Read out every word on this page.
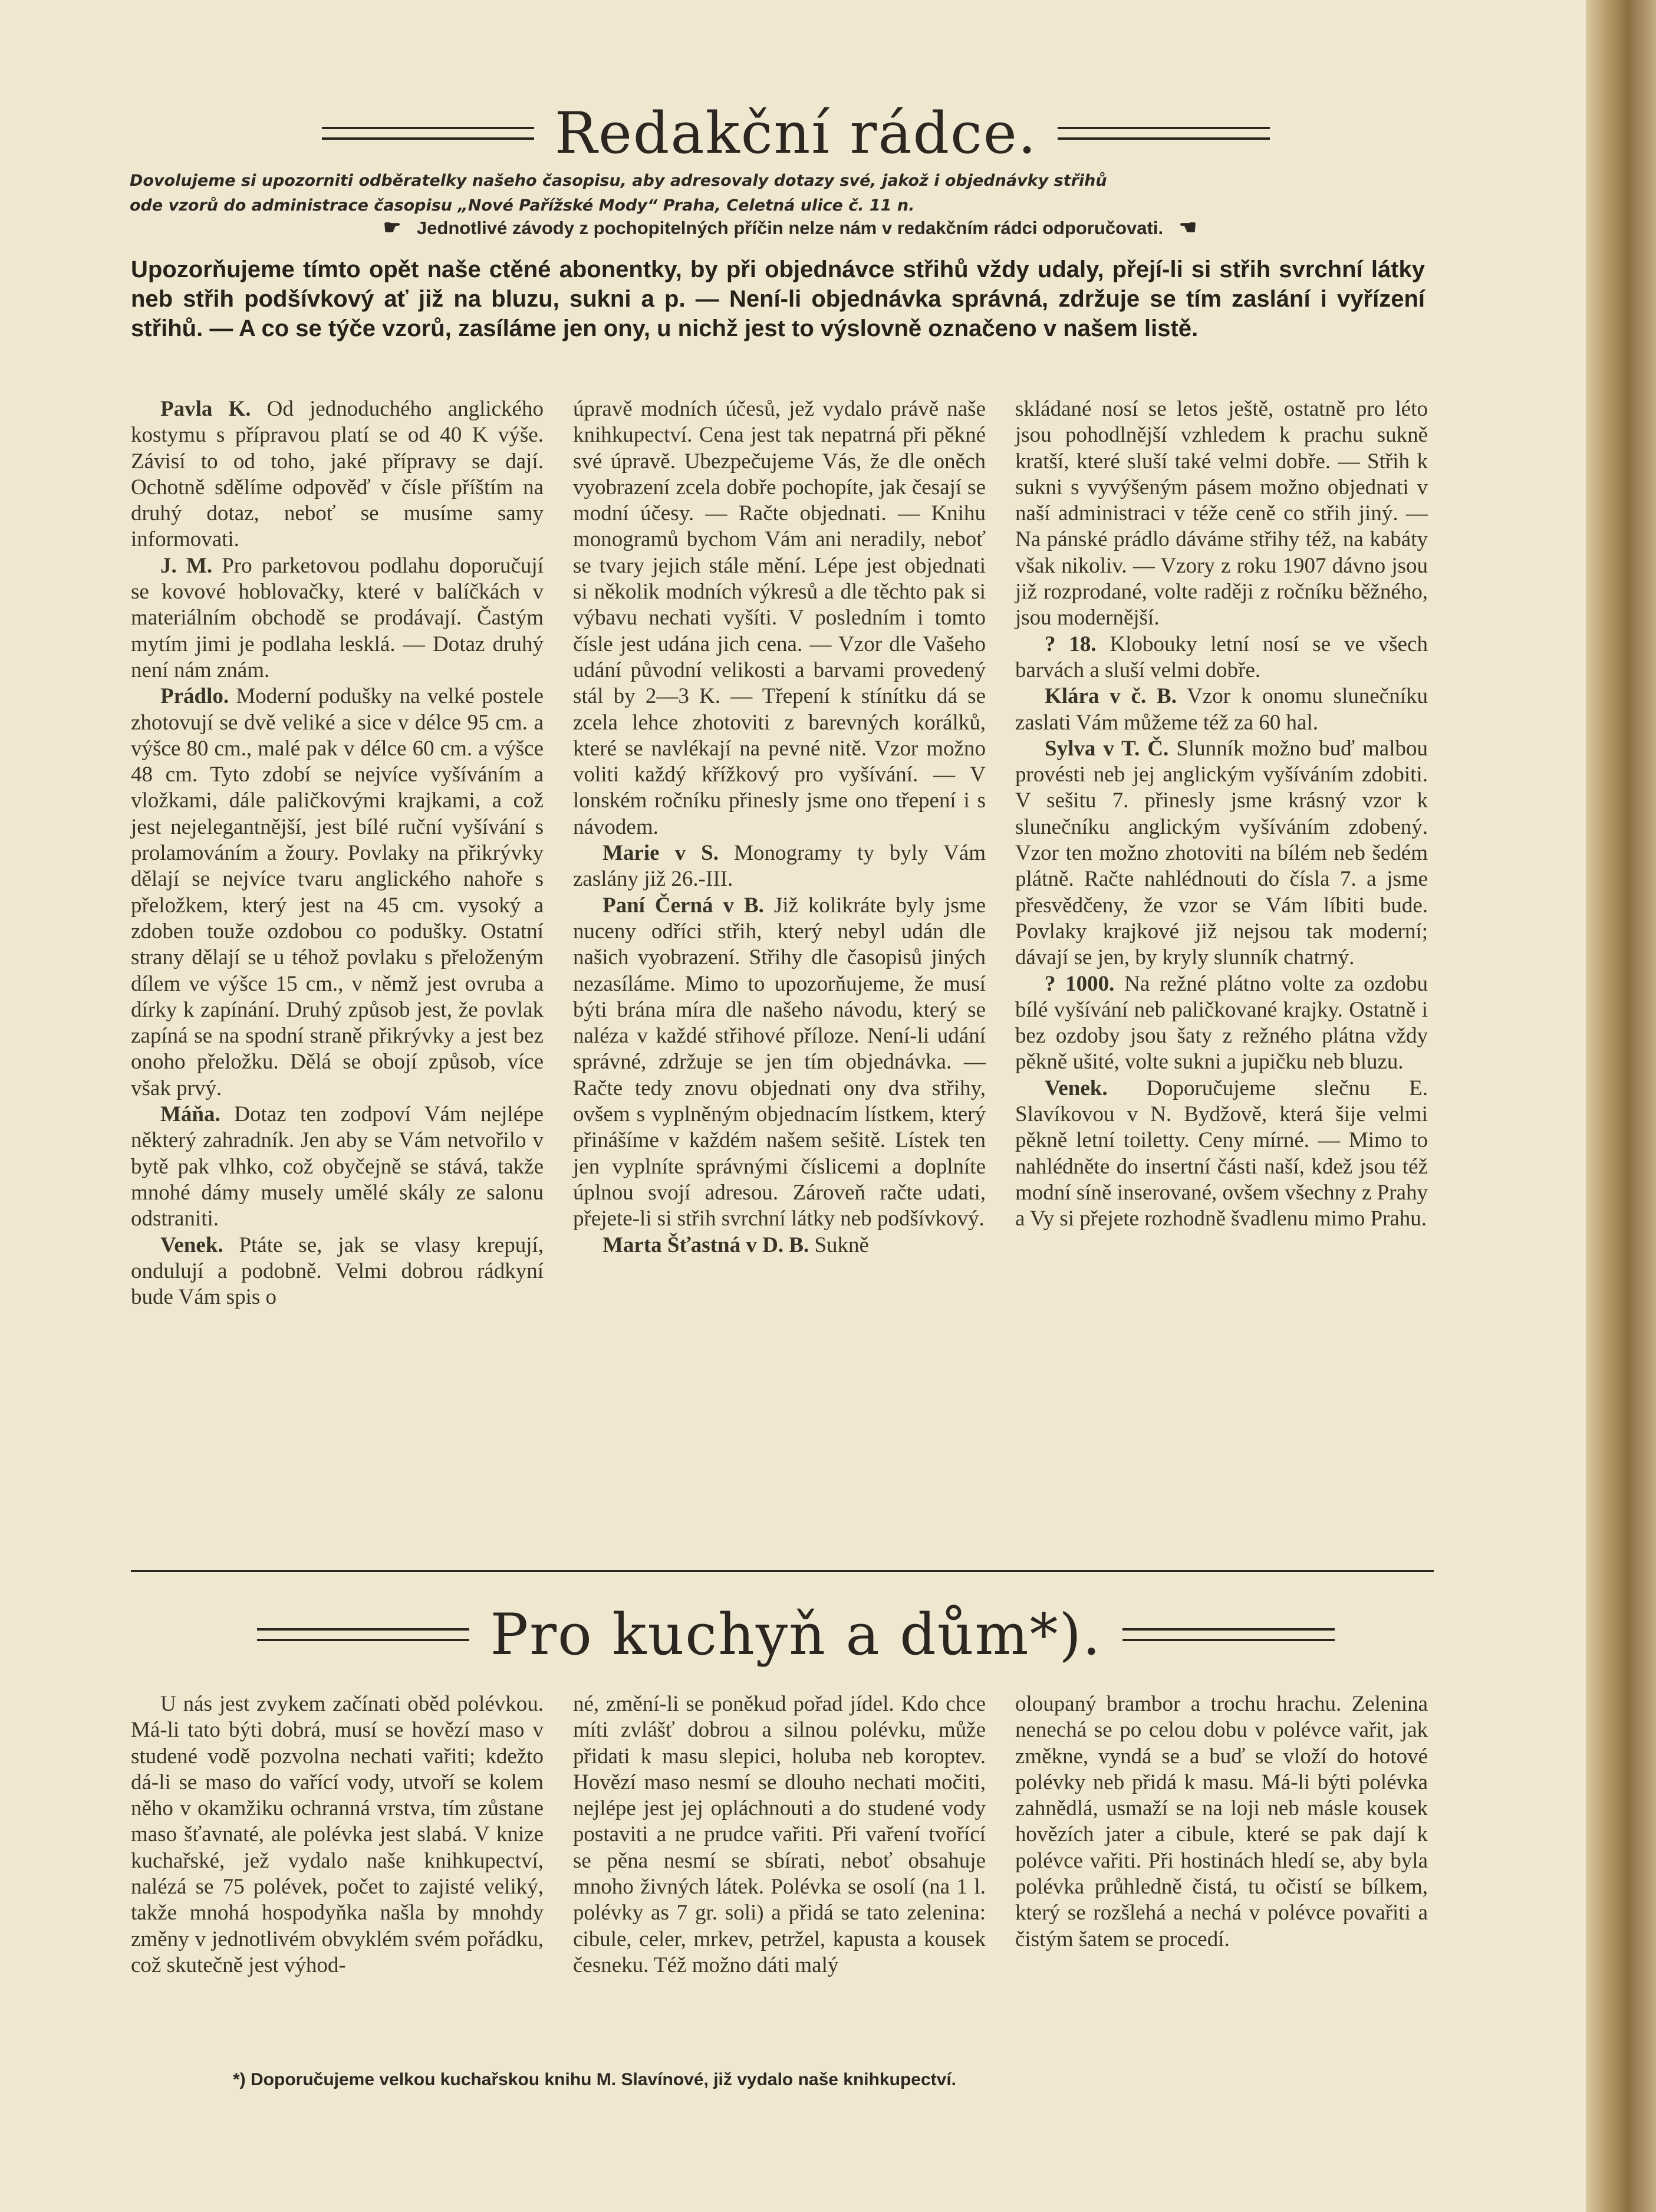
Redakční rádce.

Dovolujeme si upozorniti odběratelky našeho časopisu, aby adresovaly dotazy své, jakož i objednávky střihů

ode vzorů do administrace časopisu „Nové Pařížské Mody“ Praha, Celetná ulice č. 11 n.

☛ Jednotlivé závody z pochopitelných příčin nelze nám v redakčním rádci odporučovati. ☚
Upozorňujeme tímto opět naše ctěné abonentky, by při objednávce střihů vždy udaly, přejí-li si střih svrchní látky neb střih podšívkový ať již na bluzu, sukni a p. — Není-li objednávka správná, zdržuje se tím zaslání i vyřízení střihů. — A co se týče vzorů, zasíláme jen ony, u nichž jest to výslovně označeno v našem listě.

Pavla K. Od jednoduchého anglického kostymu s přípravou platí se od 40 K výše. Závisí to od toho, jaké přípravy se dají. Ochotně sdělíme odpověď v čísle příštím na druhý dotaz, neboť se musíme samy informovati.

J. M. Pro parketovou podlahu doporučují se kovové hoblovačky, které v balíčkách v materiálním obchodě se prodávají. Častým mytím jimi je podlaha lesklá. — Dotaz druhý není nám znám.

Prádlo. Moderní podušky na velké postele zhotovují se dvě veliké a sice v délce 95 cm. a výšce 80 cm., malé pak v délce 60 cm. a výšce 48 cm. Tyto zdobí se nejvíce vyšíváním a vložkami, dále paličkovými krajkami, a což jest nejelegantnější, jest bílé ruční vyšívání s prolamováním a žoury. Povlaky na přikrývky dělají se nejvíce tvaru anglického nahoře s přeložkem, který jest na 45 cm. vysoký a zdoben touže ozdobou co podušky. Ostatní strany dělají se u téhož povlaku s přeloženým dílem ve výšce 15 cm., v němž jest ovruba a dírky k zapínání. Druhý způsob jest, že povlak zapíná se na spodní straně přikrývky a jest bez onoho přeložku. Dělá se obojí způsob, více však prvý.

Máňa. Dotaz ten zodpoví Vám nejlépe některý zahradník. Jen aby se Vám netvořilo v bytě pak vlhko, což obyčejně se stává, takže mnohé dámy musely umělé skály ze salonu odstraniti.

Venek. Ptáte se, jak se vlasy krepují, ondulují a podobně. Velmi dobrou rádkyní bude Vám spis o

úpravě modních účesů, jež vydalo právě naše knihkupectví. Cena jest tak nepatrná při pěkné své úpravě. Ubezpečujeme Vás, že dle oněch vyobrazení zcela dobře pochopíte, jak česají se modní účesy. — Račte objednati. — Knihu monogramů bychom Vám ani neradily, neboť se tvary jejich stále mění. Lépe jest objednati si několik modních výkresů a dle těchto pak si výbavu nechati vyšíti. V posledním i tomto čísle jest udána jich cena. — Vzor dle Vašeho udání původní velikosti a barvami provedený stál by 2—3 K. — Třepení k stínítku dá se zcela lehce zhotoviti z barevných korálků, které se navlékají na pevné nitě. Vzor možno voliti každý křížkový pro vyšívání. — V lonském ročníku přinesly jsme ono třepení i s návodem.

Marie v S. Monogramy ty byly Vám zaslány již 26.-III.

Paní Černá v B. Již kolikráte byly jsme nuceny odříci střih, který nebyl udán dle našich vyobrazení. Střihy dle časopisů jiných nezasíláme. Mimo to upozorňujeme, že musí býti brána míra dle našeho návodu, který se naléza v každé střihové příloze. Není-li udání správné, zdržuje se jen tím objednávka. — Račte tedy znovu objednati ony dva střihy, ovšem s vyplněným objednacím lístkem, který přinášíme v každém našem sešitě. Lístek ten jen vyplníte správnými číslicemi a doplníte úplnou svojí adresou. Zároveň račte udati, přejete-li si střih svrchní látky neb podšívkový.

Marta Šťastná v D. B. Sukně

skládané nosí se letos ještě, ostatně pro léto jsou pohodlnější vzhledem k prachu sukně kratší, které sluší také velmi dobře. — Střih k sukni s vyvýšeným pásem možno objednati v naší administraci v téže ceně co střih jiný. — Na pánské prádlo dáváme střihy též, na kabáty však nikoliv. — Vzory z roku 1907 dávno jsou již rozprodané, volte raději z ročníku běžného, jsou modernější.

? 18. Klobouky letní nosí se ve všech barvách a sluší velmi dobře.

Klára v č. B. Vzor k onomu slunečníku zaslati Vám můžeme též za 60 hal.

Sylva v T. Č. Slunník možno buď malbou provésti neb jej anglickým vyšíváním zdobiti. V sešitu 7. přinesly jsme krásný vzor k slunečníku anglickým vyšíváním zdobený. Vzor ten možno zhotoviti na bílém neb šedém plátně. Račte nahlédnouti do čísla 7. a jsme přesvědčeny, že vzor se Vám líbiti bude. Povlaky krajkové již nejsou tak moderní; dávají se jen, by kryly slunník chatrný.

? 1000. Na režné plátno volte za ozdobu bílé vyšívání neb paličkované krajky. Ostatně i bez ozdoby jsou šaty z režného plátna vždy pěkně ušité, volte sukni a jupičku neb bluzu.

Venek. Doporučujeme slečnu E. Slavíkovou v N. Bydžově, která šije velmi pěkně letní toiletty. Ceny mírné. — Mimo to nahlédněte do insertní části naší, kdež jsou též modní síně inserované, ovšem všechny z Prahy a Vy si přejete rozhodně švadlenu mimo Prahu.

Pro kuchyň a dům*).

U nás jest zvykem začínati oběd polévkou. Má-li tato býti dobrá, musí se hovězí maso v studené vodě pozvolna nechati vařiti; kdežto dá-li se maso do vařící vody, utvoří se kolem něho v okamžiku ochranná vrstva, tím zůstane maso šťavnaté, ale polévka jest slabá. V knize kuchařské, jež vydalo naše knihkupectví, nalézá se 75 polévek, počet to zajisté veliký, takže mnohá hospodyňka našla by mnohdy změny v jednotlivém obvyklém svém pořádku, což skutečně jest výhod-

né, změní-li se poněkud pořad jídel. Kdo chce míti zvlášť dobrou a silnou polévku, může přidati k masu slepici, holuba neb koroptev. Hovězí maso nesmí se dlouho nechati močiti, nejlépe jest jej opláchnouti a do studené vody postaviti a ne prudce vařiti. Při vaření tvořící se pěna nesmí se sbírati, neboť obsahuje mnoho živných látek. Polévka se osolí (na 1 l. polévky as 7 gr. soli) a přidá se tato zelenina: cibule, celer, mrkev, petržel, kapusta a kousek česneku. Též možno dáti malý

oloupaný brambor a trochu hrachu. Zelenina nenechá se po celou dobu v polévce vařit, jak změkne, vyndá se a buď se vloží do hotové polévky neb přidá k masu. Má-li býti polévka zahnědlá, usmaží se na loji neb másle kousek hovězích jater a cibule, které se pak dají k polévce vařiti. Při hostinách hledí se, aby byla polévka průhledně čistá, tu očistí se bílkem, který se rozšlehá a nechá v polévce povařiti a čistým šatem se procedí.

*) Doporučujeme velkou kuchařskou knihu M. Slavínové, již vydalo naše knihkupectví.
